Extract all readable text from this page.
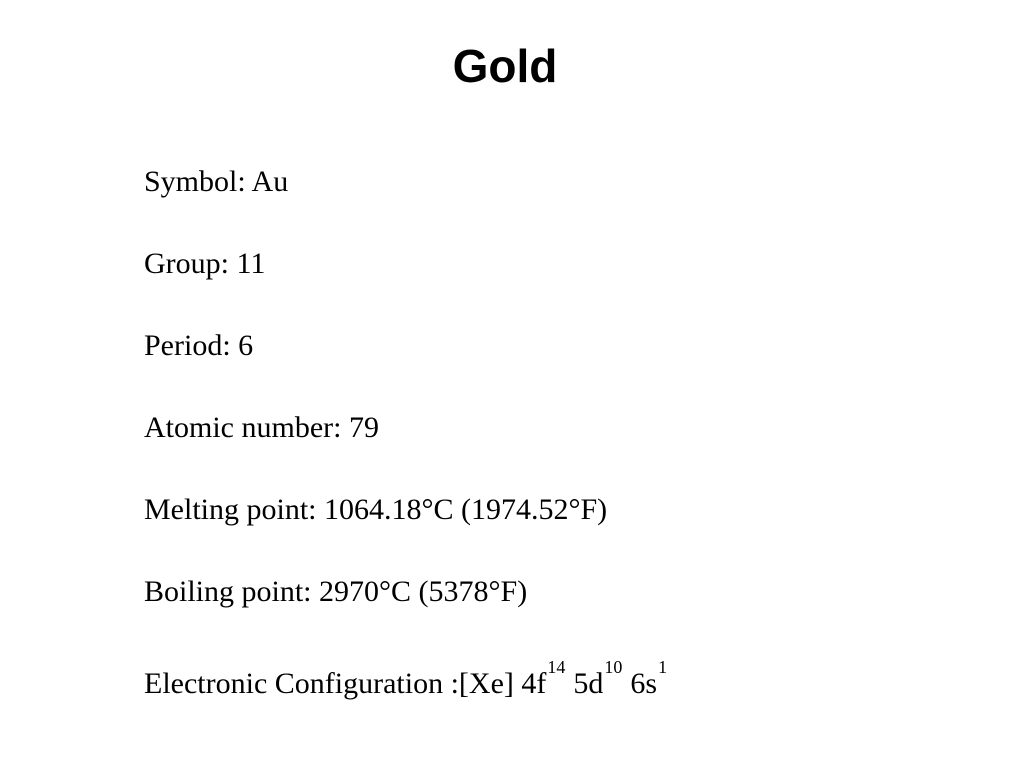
Gold
Symbol: Au
Group: 11
Period: 6
Atomic number: 79
Melting point: 1064.18°C (1974.52°F)
Boiling point: 2970°C (5378°F)
Electronic Configuration :[Xe] $4f^{14}$ $5d^{10}$ $6s^1$
